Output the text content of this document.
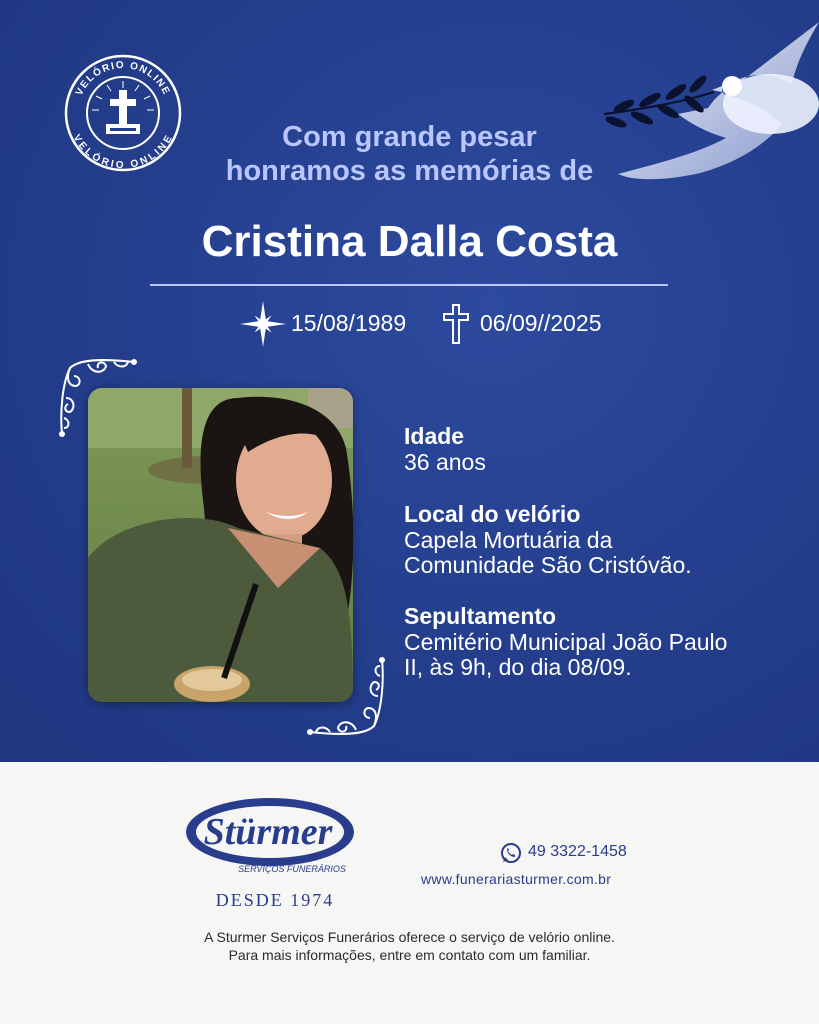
VELÓRIO ONLINE
VELÓRIO ONLINE	Com grande pesar
honramos as memórias de
Cristina Dalla Costa
15/08/1989	06/09//2025
Idade
36 anos
Local do velório
Capela Mortuária da
Comunidade São Cristóvão.
Sepultamento
Cemitério Municipal João Paulo
II, às 9h, do dia 08/09.
Stürmer
SERVIÇOS FUNERÁRIOS
DESDE 1974
49 3322-1458
www.funerariasturmer.com.br
A Sturmer Serviços Funerários oferece o serviço de velório online.
Para mais informações, entre em contato com um familiar.
